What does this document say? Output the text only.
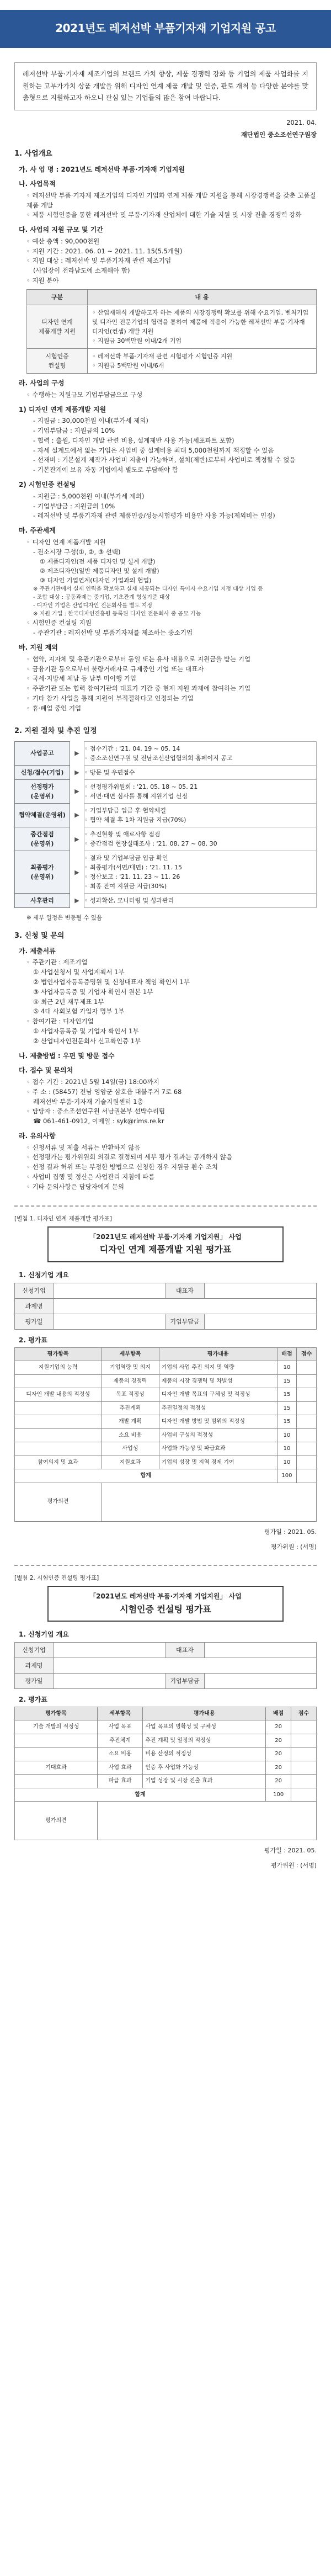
2021년도 레저선박 부품기자재 기업지원 공고
레저선박 부품·기자재 제조기업의 브랜드 가치 향상, 제품 경쟁력 강화 등 기업의 제품 사업화를 지원하는 고부가가치 상품 개발을 위해 디자인 연계 제품 개발 및 인증, 판로 개척 등 다양한 분야를 맞춤형으로 지원하고자 하오니 관심 있는 기업들의 많은 참여 바랍니다.
2021. 04.
재단법인 중소조선연구원장
1. 사업개요
가. 사 업 명 : 2021년도 레저선박 부품·기자재 기업지원
나. 사업목적
◦ 레저선박 부품·기자재 제조기업의 디자인 기업화 연계 제품 개발 지원을 통해 시장경쟁력을 갖춘 고품질 제품 개발
◦ 제품 시험인증을 통한 레저선박 및 부품·기자재 산업체에 대한 기술 지원 및 시장 진출 경쟁력 강화
다. 사업의 지원 규모 및 기간
◦ 예산 총액 : 90,000천원
◦ 지원 기간 : 2021. 06. 01 ~ 2021. 11. 15(5.5개월)
◦ 지원 대상 : 레저선박 및 부품기자재 관련 제조기업
(사업장이 전라남도에 소재해야 함)
◦ 지원 분야
구분	내 용
디자인 연계
제품개발 지원	◦ 산업재해식 개발하고자 하는 제품의 시장경쟁력 확보를 위해 수요기업, 벤처기업 및 디자인 전문기업의 협력을 통하여 제품에 적용이 가능한 레저선박 부품·기자재 디자인(컨셉) 개발 지원
◦ 지원금 30백만원 이내/2개 기업
시험인증
컨설팅	◦ 레저선박 부품·기자재 관련 시험평가 시험인증 지원
◦ 지원금 5백만원 이내/6개
라. 사업의 구성
◦ 수행하는 지원규모 기업부담금으로 구성
1) 디자인 연계 제품개발 지원
- 지원금 : 30,000천원 이내(부가세 제외)
- 기업부담금 : 지원금의 10%
- 협력 : 출원, 디자인 개발 관련 비용, 설계제반 사용 가능(세포파트 포함)
- 자세 설계도에서 없는 기업은 사업비 중 설계비용 최대 5,000천원까지 책정할 수 있음
- 선재비 : 기본설계 제작가 사업비 지출이 가능하며, 설치(제반)로부터 사업비로 책정할 수 없음
- 기본관계에 보유 자동 기업에서 별도로 부담해야 함
2) 시험인증 컨설팅
- 지원금 : 5,000천원 이내(부가세 제외)
- 기업부담금 : 지원금의 10%
- 레저선박 및 부품기자재 관련 제품인증/성능시험평가 비용만 사용 가능(제외비는 인정)
마. 주관세계
◦ 디자인 연계 제품개발 지원
- 전소시장 구성(①, ②, ③ 선택)
① 제품디자인(전 제품 디자인 및 설계 개발)
② 제조디자인(일반 제품디자인 및 설계 개발)
③ 디자인 기업연계(디자인 기업과의 협업)
※ 주관기관에서 실제 인력을 확보하고 실제 제공되는 디자인 특이자 수요기업 지정 대상 기업 등
- 조합 대상 : 공동과제는 중기업, 기초관계 형성기준 대상
- 디자인 기업은 산업디자인 전문회사를 별도 지정
※ 지원 기업 : 한국디자인진흥원 등록된 디자인 전문회사 중 공모 가능
◦ 시험인증 컨설팅 지원
- 주관기관 : 레저선박 및 부품기자재를 제조하는 중소기업
바. 지원 제외
◦ 협약, 지자체 및 유관기관으로부터 동일 또는 유사 내용으로 지원금을 받는 기업
◦ 금융기관 등으로부터 불량거래자로 규제중인 기업 또는 대표자
◦ 국세·지방세 체납 등 납부 미이행 기업
◦ 주관기관 또는 협력 참여기관의 대표가 기간 중 현재 지원 과제에 참여하는 기업
◦ 기타 참가 사업을 통해 지원이 부적절하다고 인정되는 기업
◦ 휴·폐업 중인 기업
2. 지원 절차 및 추진 일정
사업공고	▶	◦ 접수기간 : '21. 04. 19 ~ 05. 14
◦ 중소조선연구원 및 전남조선산업협의회 홈페이지 공고
신청/접수(기업)	▶	◦ 방문 및 우편접수
선정평가
(운영위)	▶	◦ 선정평가위원회 : '21. 05. 18 ~ 05. 21
◦ 서면·대면 심사를 통해 지원기업 선정
협약체결(운영위)	▶	◦ 기업부담금 입금 후 협약체결
◦ 협약 체결 후 1차 지원금 지급(70%)
중간점검
(운영위)	▶	◦ 추진현황 및 애로사항 점검
◦ 중간점검 현장실태조사 : '21. 08. 27 ~ 08. 30
최종평가
(운영위)	▶	◦ 결과 및 기업부담금 입금 확인
◦ 최종평가(서면/대면) : '21. 11. 15
◦ 정산보고 : '21. 11. 23 ~ 11. 26
◦ 최종 잔여 지원금 지급(30%)
사후관리	▶	◦ 성과확산, 모니터링 및 성과관리
※ 세부 일정은 변동될 수 있음
3. 신청 및 문의
가. 제출서류
◦ 주관기관 : 제조기업
① 사업신청서 및 사업계획서 1부
② 법인사업자등록증명원 및 신청대표자 책임 확인서 1부
③ 사업자등록증 및 기업자 확인서 원본 1부
④ 최근 2년 재무제표 1부
⑤ 4대 사회보험 가입자 명부 1부
◦ 참여기관 : 디자인기업
① 사업자등록증 및 기업자 확인서 1부
② 산업디자인전문회사 신고확인증 1부
나. 제출방법 : 우편 및 방문 접수
다. 접수 및 문의처
◦ 접수 기간 : 2021년 5월 14일(금) 18:00까지
◦ 주 소 : (58457) 전남 영암군 삼호읍 대불주거 7로 68
레저선박 부품·기자재 기술지원센터 1층
◦ 담당자 : 중소조선연구원 서남권본부 선박수리팀
☎ 061-461-0912, 이메일 : syk@rims.re.kr
라. 유의사항
◦ 신청서류 및 제출 서류는 반환하지 않음
◦ 선정평가는 평가위원회 의결로 결정되며 세부 평가 결과는 공개하지 않음
◦ 선정 결과 허위 또는 부정한 방법으로 신청한 경우 지원금 환수 조치
◦ 사업비 집행 및 정산은 사업관리 지침에 따름
◦ 기타 문의사항은 담당자에게 문의
[별첨 1. 디자인 연계 제품개발 평가표]
「2021년도 레저선박 부품·기자재 기업지원」 사업
디자인 연계 제품개발 지원 평가표
1. 신청기업 개요
신청기업		대표자	
과제명			
평가일		기업부담금	
2. 평가표
평가항목	세부항목	평가내용	배점	점수
지원기업의 능력	기업역량 및 의지	기업의 사업 추진 의지 및 역량	10	
	제품의 경쟁력	제품의 시장 경쟁력 및 차별성	15	
디자인 개발 내용의 적정성	목표 적정성	디자인 개발 목표의 구체성 및 적정성	15	
	추진계획	추진일정의 적정성	15	
	개발 계획	디자인 개발 방법 및 범위의 적정성	15	
	소요 비용	사업비 구성의 적정성	10	
	사업성	사업화 가능성 및 파급효과	10	
참여의지 및 효과	지원효과	기업의 성장 및 지역 경제 기여	10	
합계			100	
평가의견				
평가일 : 2021. 05.
평가위원 : (서명)
[별첨 2. 시험인증 컨설팅 평가표]
「2021년도 레저선박 부품·기자재 기업지원」 사업
시험인증 컨설팅 평가표
1. 신청기업 개요
신청기업		대표자	
과제명			
평가일		기업부담금	
2. 평가표
평가항목	세부항목	평가내용	배점	점수
기술 개발의 적정성	사업 목표	사업 목표의 명확성 및 구체성	20	
	추진체계	추진 계획 및 일정의 적정성	20	
	소요 비용	비용 산정의 적정성	20	
기대효과	사업 효과	인증 후 사업화 가능성	20	
	파급 효과	기업 성장 및 시장 진출 효과	20	
합계			100	
평가의견				
평가일 : 2021. 05.
평가위원 : (서명)
